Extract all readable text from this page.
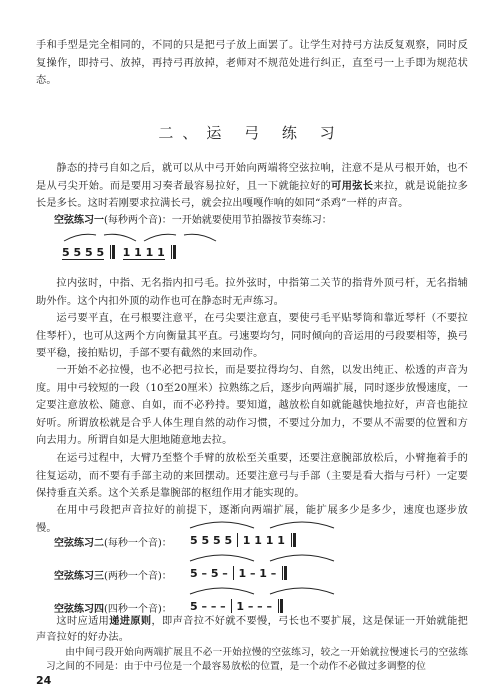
手和手型是完全相同的，不同的只是把弓子放上面罢了。让学生对持弓方法反复观察，同时反复操作，即持弓、放掉，再持弓再放掉，老师对不规范处进行纠正，直至弓一上手即为规范状态。

二、运 弓 练 习

静态的持弓自如之后，就可以从中弓开始向两端将空弦拉响，注意不是从弓根开始，也不是从弓尖开始。而是要用习奏者最容易拉好，且一下就能拉好的可用弦长来拉，就是说能拉多长是多长。这时若刚要求拉满长弓，就会拉出嘎嘎作响的如同“杀鸡”一样的声音。

空弦练习一(每秒两个音)：一开始就要使用节拍器按节奏练习：
5 5 5 5 1 1 1 1

拉内弦时，中指、无名指内扣弓毛。拉外弦时，中指第二关节的指背外顶弓杆，无名指辅助外作。这个内扣外顶的动作也可在静态时无声练习。

运弓要平直，在弓根要注意平，在弓尖要注意直，要使弓毛平贴琴筒和靠近琴杆（不要拉住琴杆），也可从这两个方向衡量其平直。弓速要均匀，同时倾向的音运用的弓段要相等，换弓要平稳，接拍贴切，手部不要有截然的来回动作。

一开始不必拉慢，也不必把弓拉长，而是要拉得均匀、自然，以发出纯正、松透的声音为度。用中弓较短的一段（10至20厘米）拉熟练之后，逐步向两端扩展，同时逐步放慢速度，一定要注意放松、随意、自如，而不必矜持。要知道，越放松自如就能越快地拉好，声音也能拉好听。所谓放松就是合乎人体生理自然的动作习惯，不要过分加力，不要从不需要的位置和方向去用力。所谓自如是大胆地随意地去拉。

在运弓过程中，大臂乃至整个手臂的放松至关重要，还要注意腕部放松后，小臂拖着手的往复运动，而不要有手部主动的来回摆动。还要注意弓与手部（主要是看大指与弓杆）一定要保持垂直关系。这个关系是靠腕部的枢纽作用才能实现的。

在用中弓段把声音拉好的前提下，逐渐向两端扩展，能扩展多少是多少，速度也逐步放慢。

空弦练习二(每秒一个音)： 5 5 5 5 1 1 1 1
空弦练习三(两秒一个音)： 5 – 5 – 1 – 1 –
空弦练习四(四秒一个音)： 5 – – – 1 – – –

这时应适用递进原则，即声音拉不好就不要慢，弓长也不要扩展，这是保证一开始就能把声音拉好的好办法。

由中间弓段开始向两端扩展且不必一开始拉慢的空弦练习，较之一开始就拉慢速长弓的空弦练习之间的不同是：由于中弓位是一个最容易放松的位置，是一个动作不必做过多调整的位

24
